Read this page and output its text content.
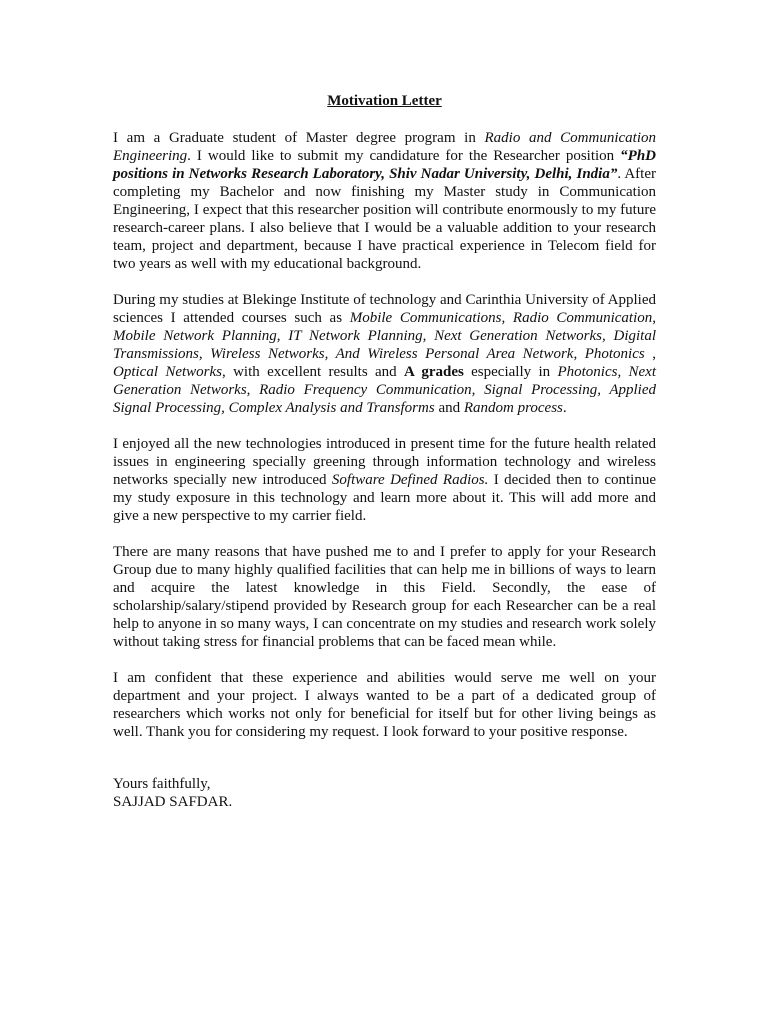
Motivation Letter

I am a Graduate student of Master degree program in Radio and Communication Engineering. I would like to submit my candidature for the Researcher position “PhD positions in Networks Research Laboratory, Shiv Nadar University, Delhi, India”. After completing my Bachelor and now finishing my Master study in Communication Engineering, I expect that this researcher position will contribute enormously to my future research-career plans. I also believe that I would be a valuable addition to your research team, project and department, because I have practical experience in Telecom field for two years as well with my educational background.

During my studies at Blekinge Institute of technology and Carinthia University of Applied sciences I attended courses such as Mobile Communications, Radio Communication, Mobile Network Planning, IT Network Planning, Next Generation Networks, Digital Transmissions, Wireless Networks, And Wireless Personal Area Network, Photonics , Optical Networks, with excellent results and A grades especially in Photonics, Next Generation Networks, Radio Frequency Communication, Signal Processing, Applied Signal Processing, Complex Analysis and Transforms and Random process.

I enjoyed all the new technologies introduced in present time for the future health related issues in engineering specially greening through information technology and wireless networks specially new introduced Software Defined Radios. I decided then to continue my study exposure in this technology and learn more about it. This will add more and give a new perspective to my carrier field.

There are many reasons that have pushed me to and I prefer to apply for your Research Group due to many highly qualified facilities that can help me in billions of ways to learn and acquire the latest knowledge in this Field. Secondly, the ease of scholarship/salary/stipend provided by Research group for each Researcher can be a real help to anyone in so many ways, I can concentrate on my studies and research work solely without taking stress for financial problems that can be faced mean while.

I am confident that these experience and abilities would serve me well on your department and your project. I always wanted to be a part of a dedicated group of researchers which works not only for beneficial for itself but for other living beings as well. Thank you for considering my request. I look forward to your positive response.

Yours faithfully,
SAJJAD SAFDAR.
